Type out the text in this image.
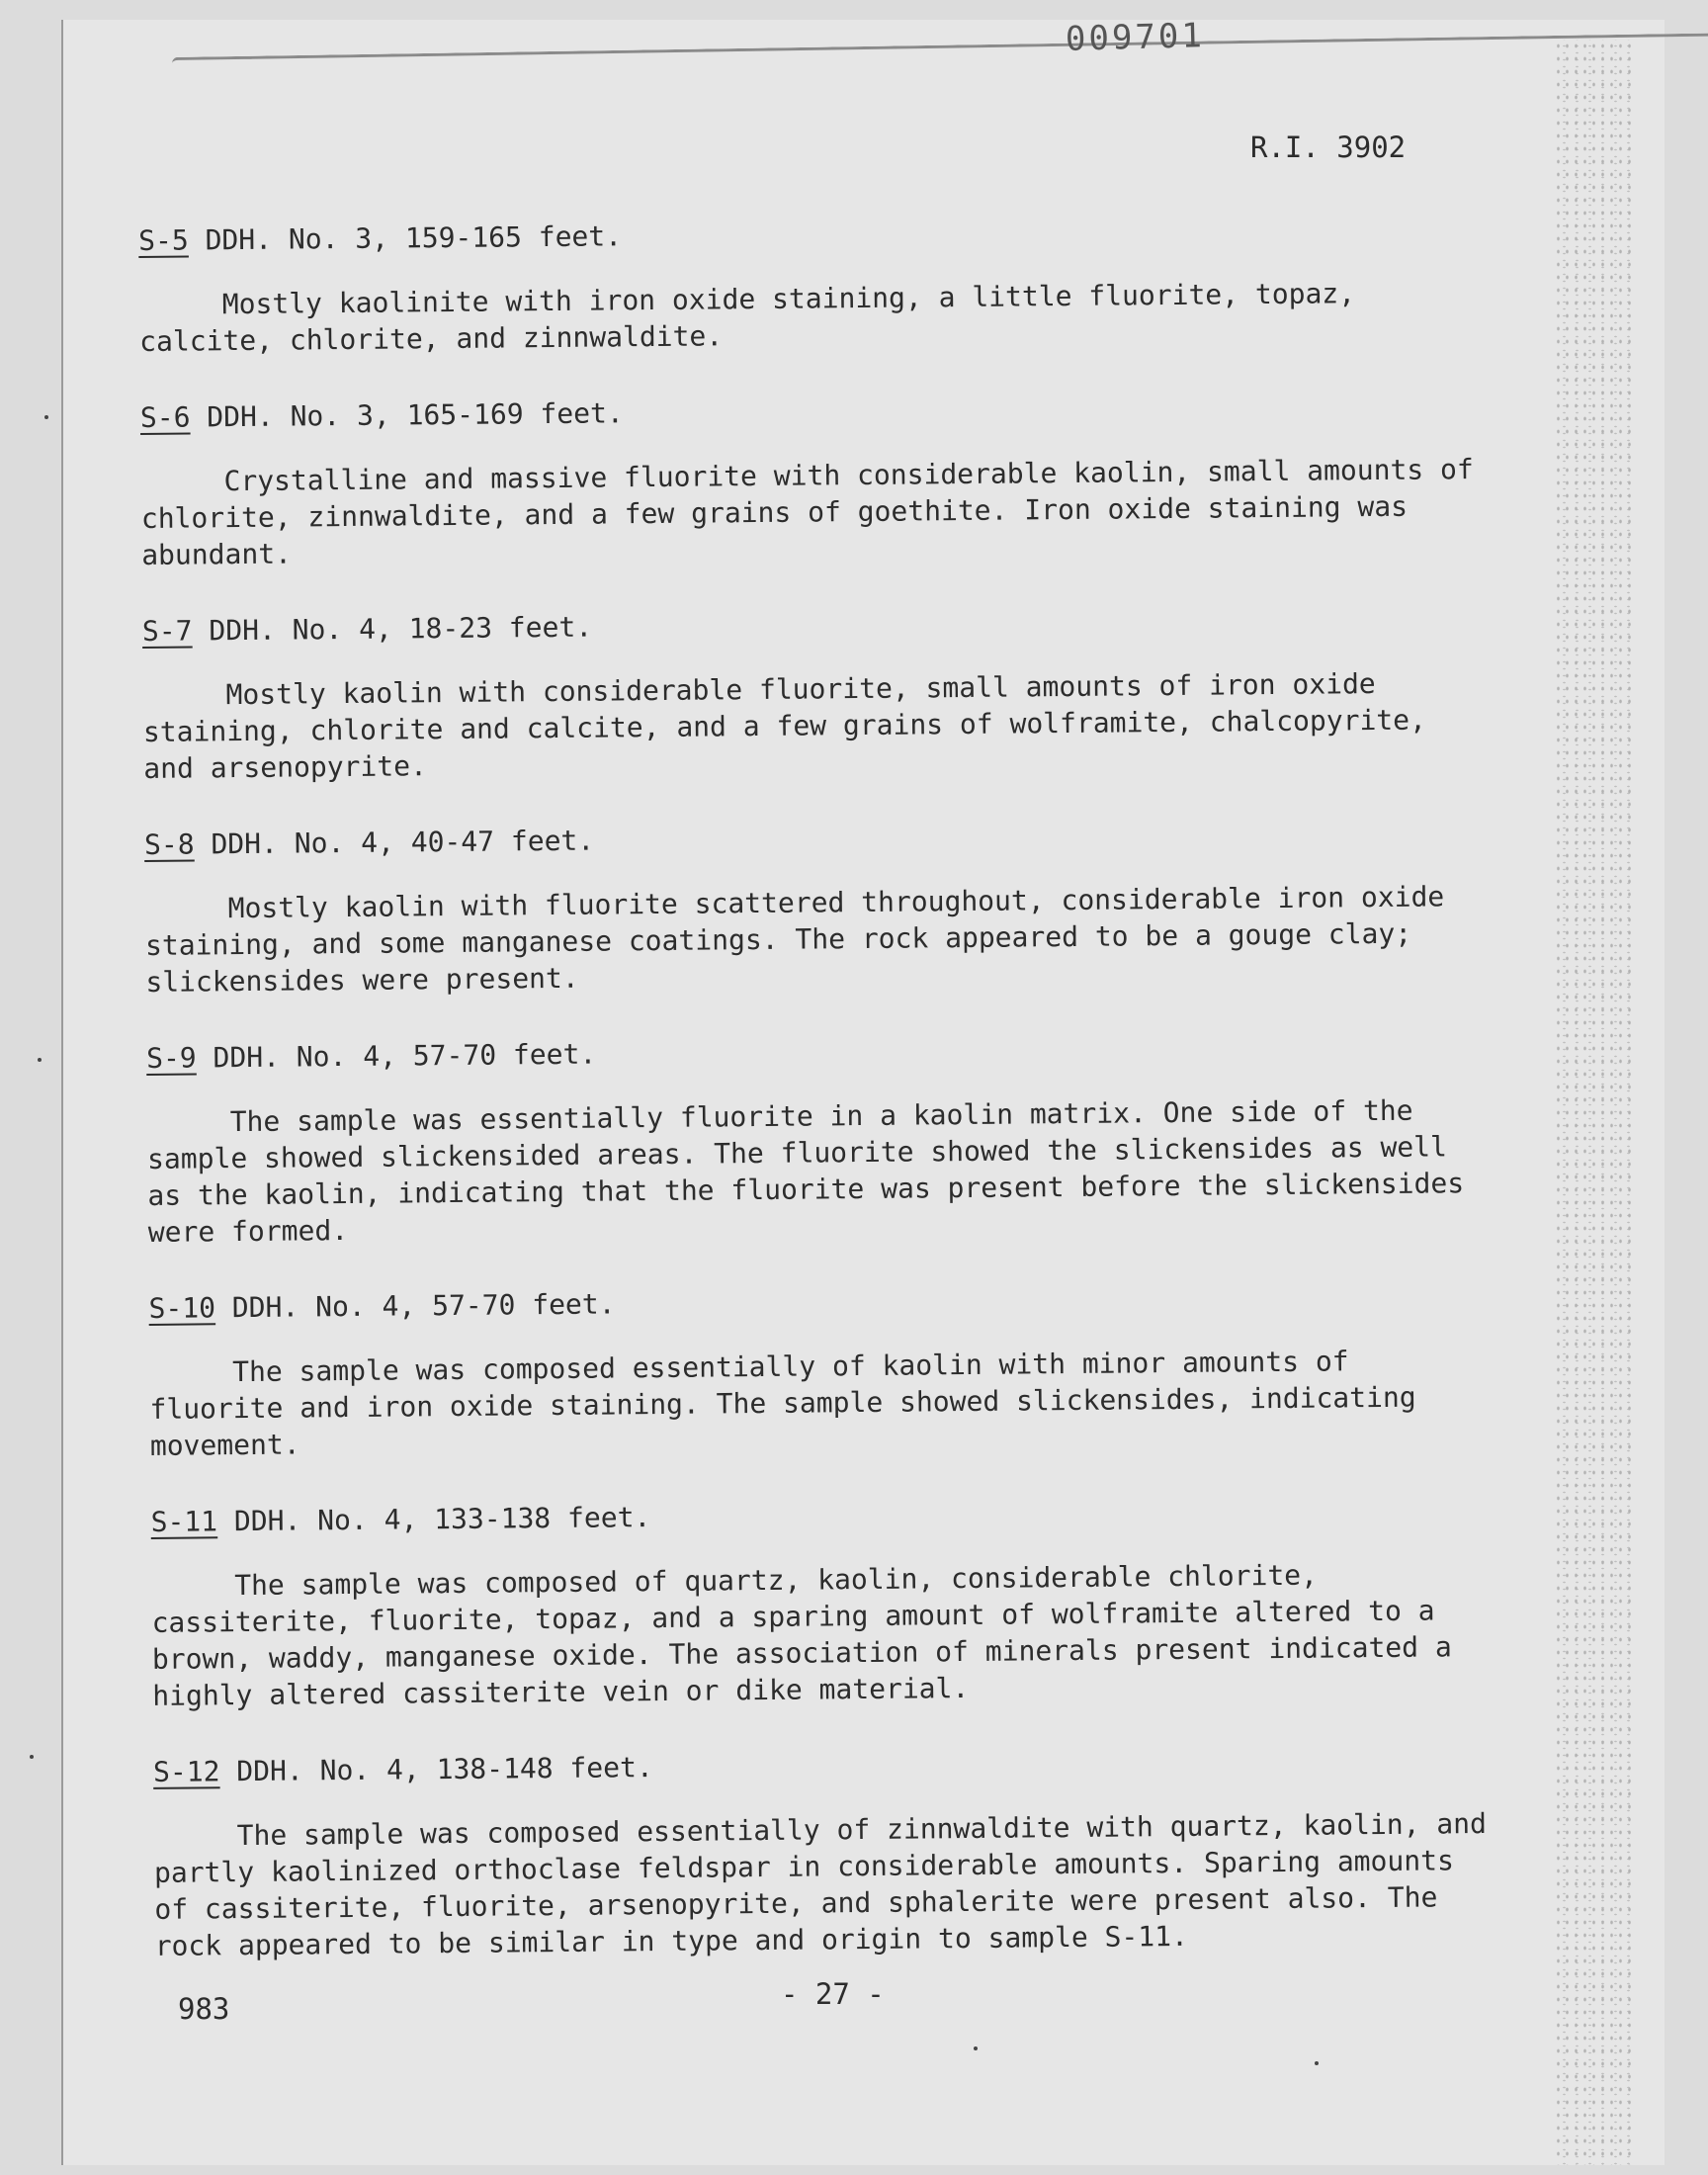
009701
R.I. 3902
S-5 DDH. No. 3, 159-165 feet.

Mostly kaolinite with iron oxide staining, a little fluorite, topaz, calcite, chlorite, and zinnwaldite.

S-6 DDH. No. 3, 165-169 feet.

Crystalline and massive fluorite with considerable kaolin, small amounts of chlorite, zinnwaldite, and a few grains of goethite. Iron oxide staining was abundant.

S-7 DDH. No. 4, 18-23 feet.

Mostly kaolin with considerable fluorite, small amounts of iron oxide staining, chlorite and calcite, and a few grains of wolframite, chalcopyrite, and arsenopyrite.

S-8 DDH. No. 4, 40-47 feet.

Mostly kaolin with fluorite scattered throughout, considerable iron oxide staining, and some manganese coatings. The rock appeared to be a gouge clay; slickensides were present.

S-9 DDH. No. 4, 57-70 feet.

The sample was essentially fluorite in a kaolin matrix. One side of the sample showed slickensided areas. The fluorite showed the slickensides as well as the kaolin, indicating that the fluorite was present before the slickensides were formed.

S-10 DDH. No. 4, 57-70 feet.

The sample was composed essentially of kaolin with minor amounts of fluorite and iron oxide staining. The sample showed slickensides, indicating movement.

S-11 DDH. No. 4, 133-138 feet.

The sample was composed of quartz, kaolin, considerable chlorite, cassiterite, fluorite, topaz, and a sparing amount of wolframite altered to a brown, waddy, manganese oxide. The association of minerals present indicated a highly altered cassiterite vein or dike material.

S-12 DDH. No. 4, 138-148 feet.

The sample was composed essentially of zinnwaldite with quartz, kaolin, and partly kaolinized orthoclase feldspar in considerable amounts. Sparing amounts of cassiterite, fluorite, arsenopyrite, and sphalerite were present also. The rock appeared to be similar in type and origin to sample S-11.

983	- 27 -
